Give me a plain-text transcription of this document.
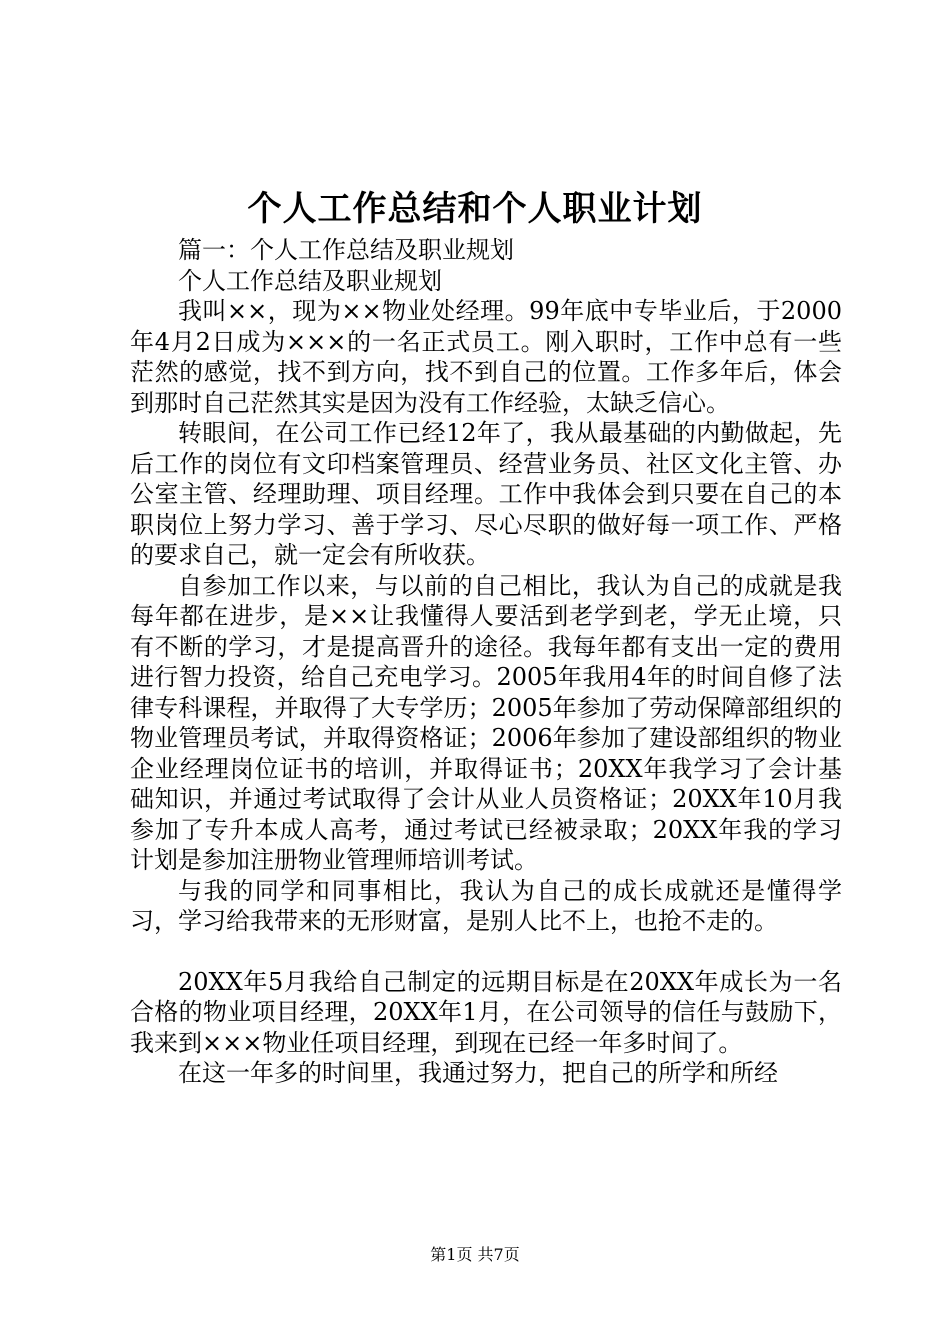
个人工作总结和个人职业计划

篇一：个人工作总结及职业规划

个人工作总结及职业规划

我叫××，现为××物业处经理。99年底中专毕业后，于2000年4月2日成为×××的一名正式员工。刚入职时，工作中总有一些茫然的感觉，找不到方向，找不到自己的位置。工作多年后，体会到那时自己茫然其实是因为没有工作经验，太缺乏信心。

转眼间，在公司工作已经12年了，我从最基础的内勤做起，先后工作的岗位有文印档案管理员、经营业务员、社区文化主管、办公室主管、经理助理、项目经理。工作中我体会到只要在自己的本职岗位上努力学习、善于学习、尽心尽职的做好每一项工作、严格的要求自己，就一定会有所收获。

自参加工作以来，与以前的自己相比，我认为自己的成就是我每年都在进步，是××让我懂得人要活到老学到老，学无止境，只有不断的学习，才是提高晋升的途径。我每年都有支出一定的费用进行智力投资，给自己充电学习。2005年我用4年的时间自修了法律专科课程，并取得了大专学历；2005年参加了劳动保障部组织的物业管理员考试，并取得资格证；2006年参加了建设部组织的物业企业经理岗位证书的培训，并取得证书；20XX年我学习了会计基础知识，并通过考试取得了会计从业人员资格证；20XX年10月我参加了专升本成人高考，通过考试已经被录取；20XX年我的学习计划是参加注册物业管理师培训考试。

与我的同学和同事相比，我认为自己的成长成就还是懂得学习，学习给我带来的无形财富，是别人比不上，也抢不走的。

20XX年5月我给自己制定的远期目标是在20XX年成长为一名合格的物业项目经理，20XX年1月，在公司领导的信任与鼓励下，我来到×××物业任项目经理，到现在已经一年多时间了。

在这一年多的时间里，我通过努力，把自己的所学和所经

第1页 共7页
